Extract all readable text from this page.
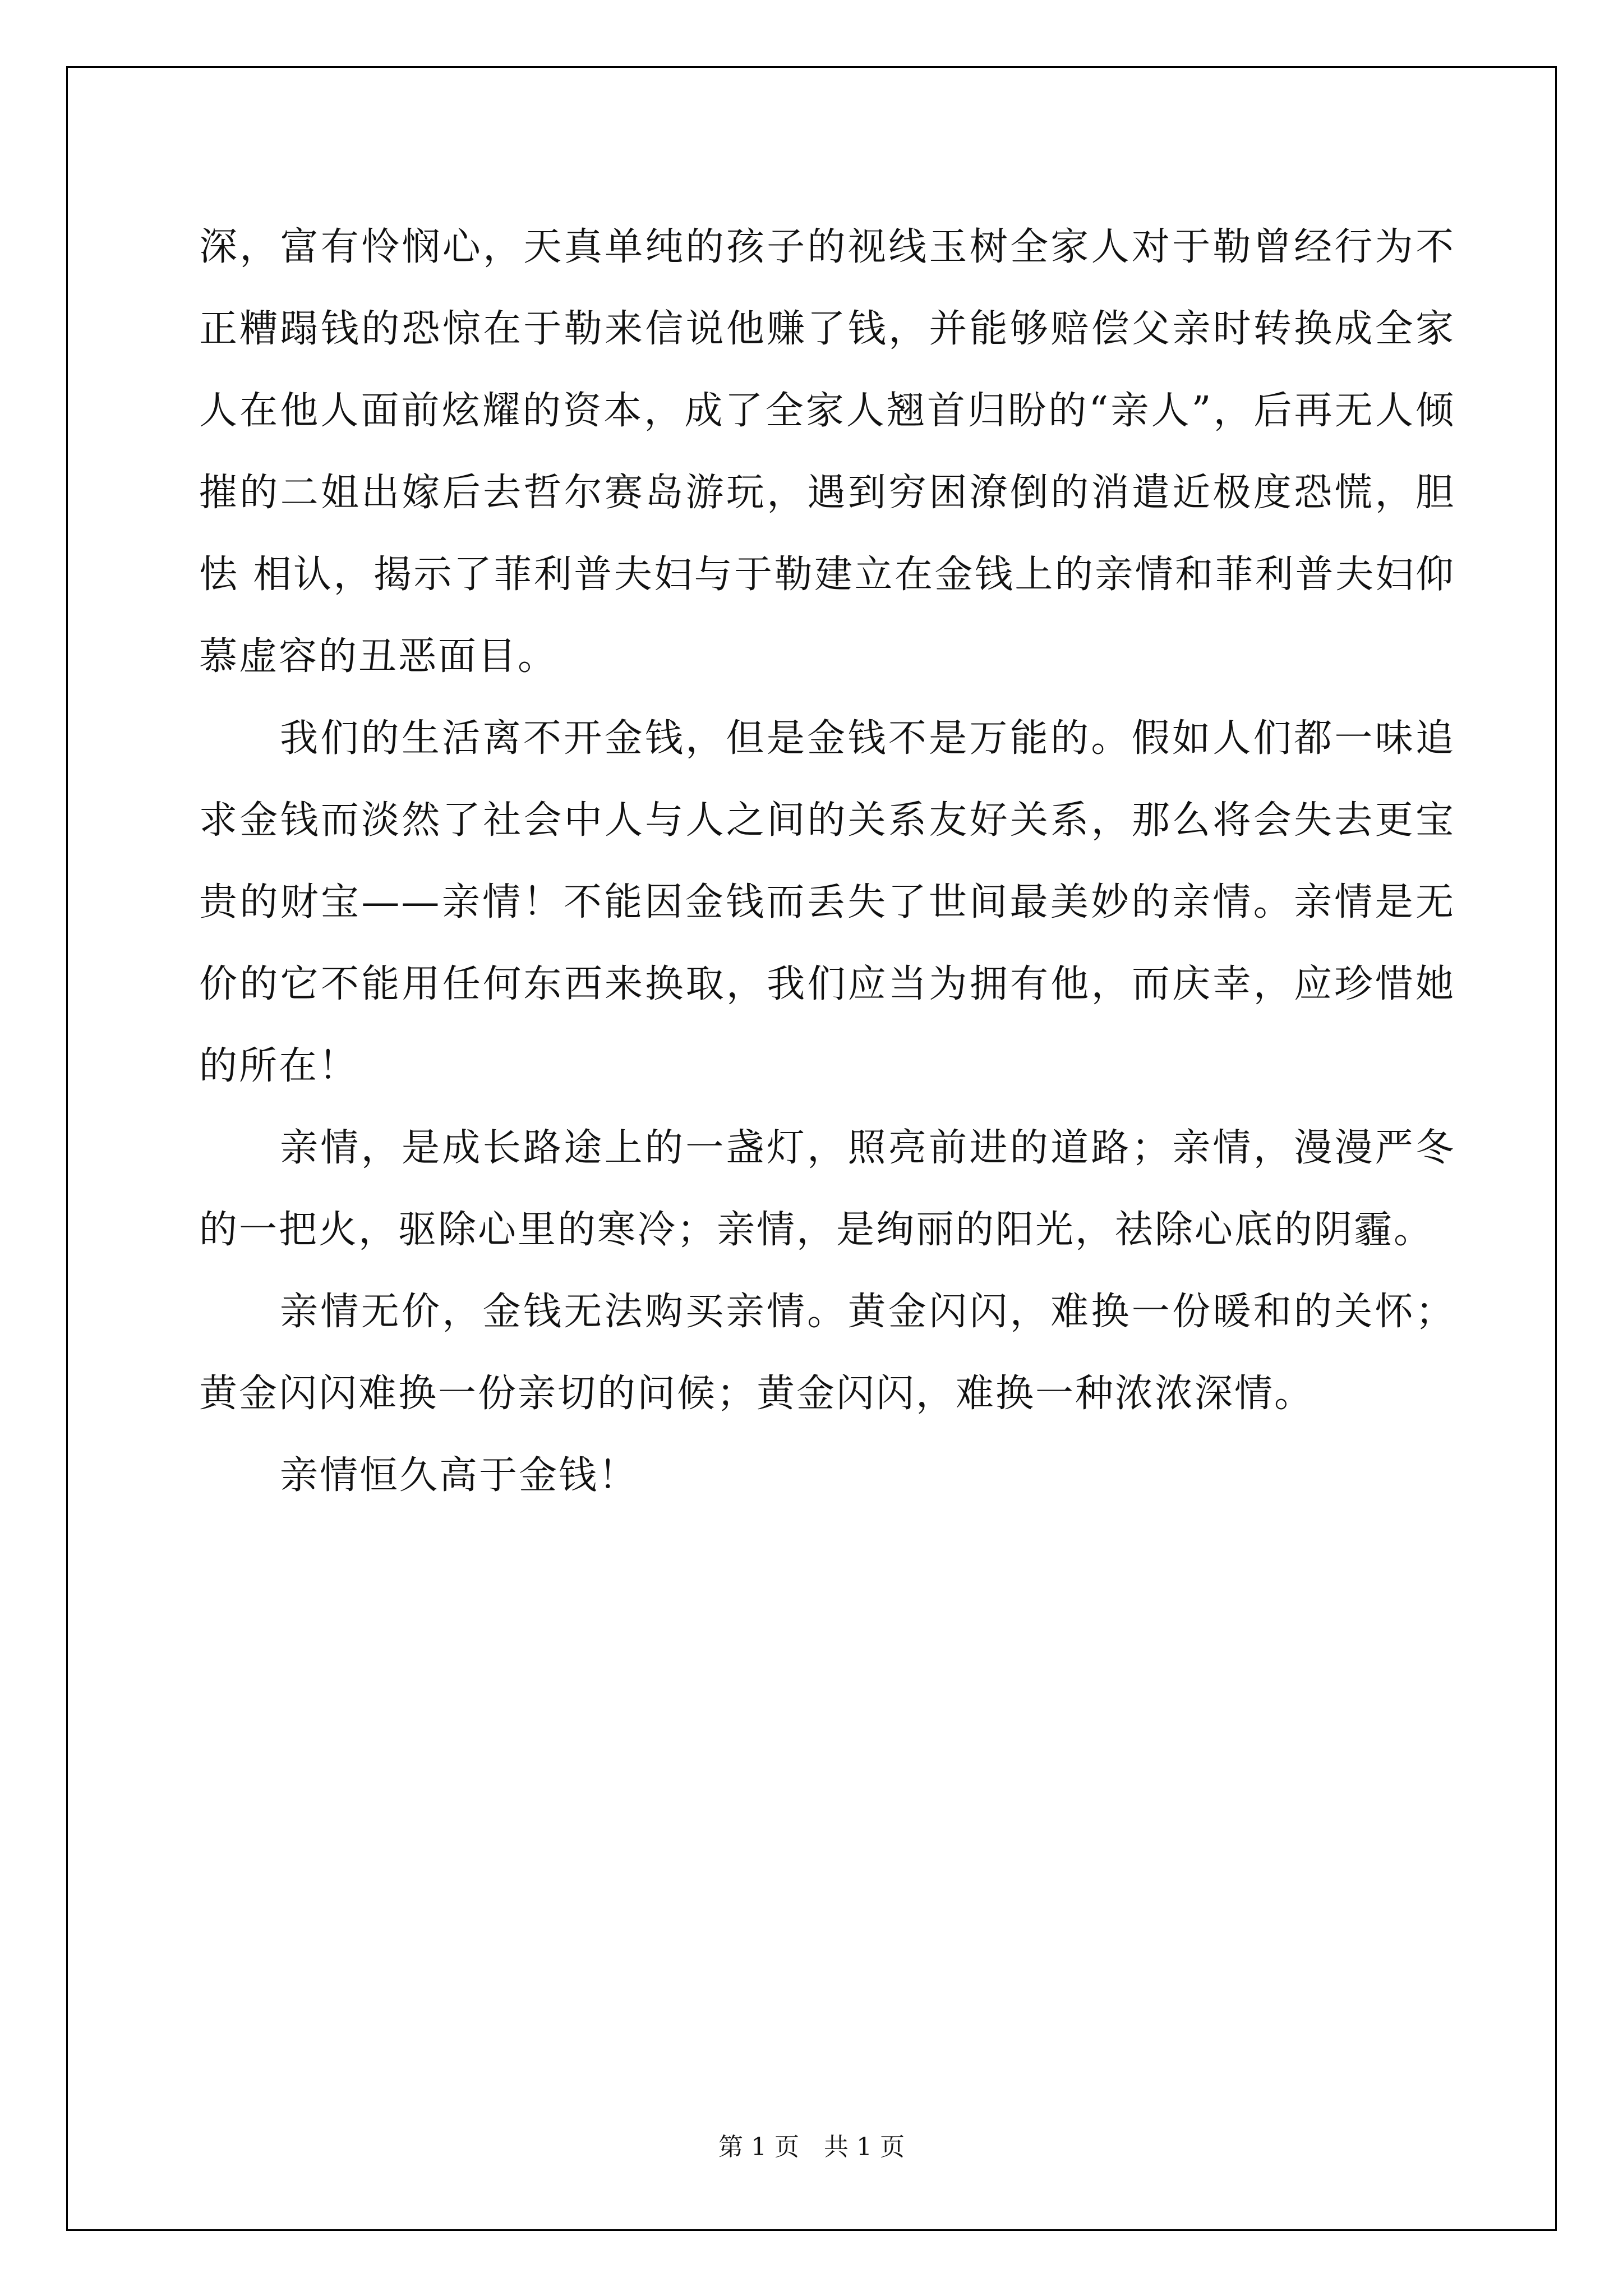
深，富有怜悯心，天真单纯的孩子的视线玉树全家人对于勒曾经行为不正糟蹋钱的恐惊在于勒来信说他赚了钱，并能够赔偿父亲时转换成全家人在他人面前炫耀的资本，成了全家人翘首归盼的“亲人”，后再无人倾摧的二姐出嫁后去哲尔赛岛游玩，遇到穷困潦倒的消遣近极度恐慌，胆怯 相认，揭示了菲利普夫妇与于勒建立在金钱上的亲情和菲利普夫妇仰慕虚容的丑恶面目。

我们的生活离不开金钱，但是金钱不是万能的。假如人们都一味追求金钱而淡然了社会中人与人之间的关系友好关系，那么将会失去更宝贵的财宝——亲情！不能因金钱而丢失了世间最美妙的亲情。亲情是无价的它不能用任何东西来换取，我们应当为拥有他，而庆幸，应珍惜她的所在！

亲情，是成长路途上的一盏灯，照亮前进的道路；亲情，漫漫严冬的一把火，驱除心里的寒冷；亲情，是绚丽的阳光，祛除心底的阴霾。

亲情无价，金钱无法购买亲情。黄金闪闪，难换一份暖和的关怀；黄金闪闪难换一份亲切的问候；黄金闪闪，难换一种浓浓深情。

亲情恒久高于金钱！

第 1 页　共 1 页
